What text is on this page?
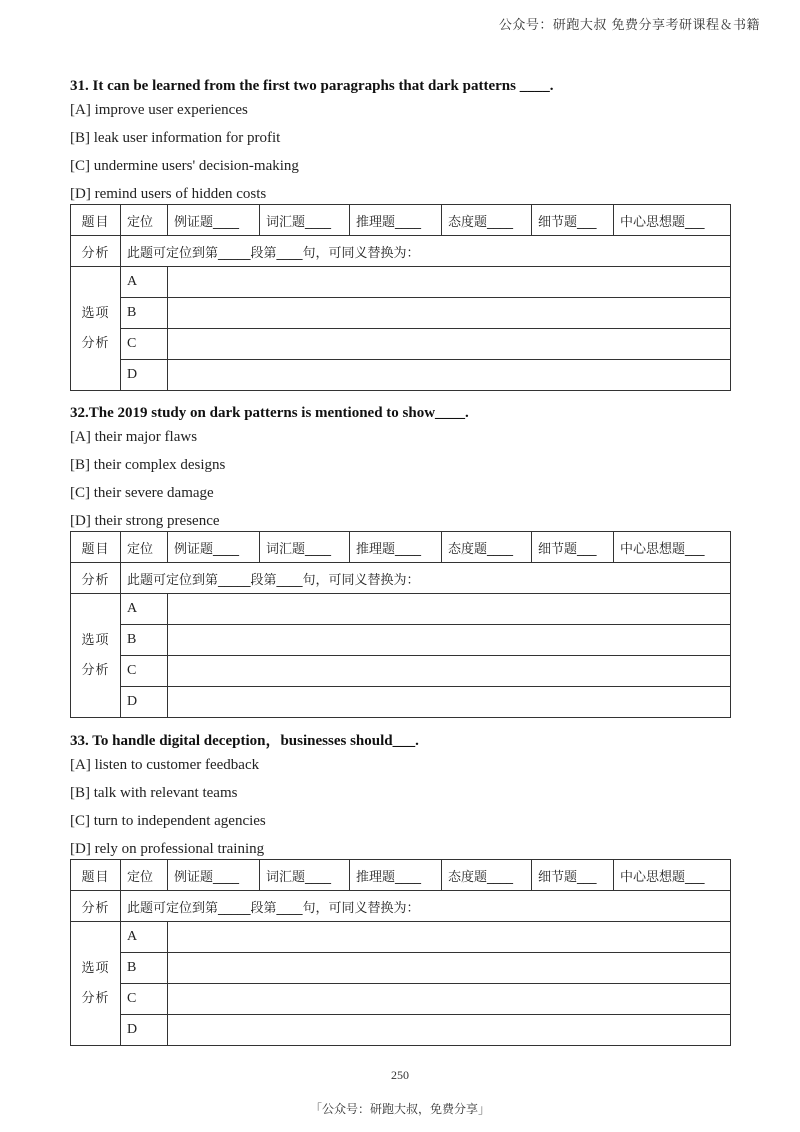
公众号：研跑大叔 免费分享考研课程＆书籍
31. It can be learned from the first two paragraphs that dark patterns ____.
[A] improve user experiences
[B] leak user information for profit
[C] undermine users' decision-making
[D] remind users of hidden costs
题目	定位	例证题____	词汇题____	推理题____	态度题____	细节题___	中心思想题___
分析	此题可定位到第_____段第____句，可同义替换为：						

选项
分析	A						
	B						
	C						
	D						
32.The 2019 study on dark patterns is mentioned to show____.
[A] their major flaws
[B] their complex designs
[C] their severe damage
[D] their strong presence
题目	定位	例证题____	词汇题____	推理题____	态度题____	细节题___	中心思想题___
分析	此题可定位到第_____段第____句，可同义替换为：						

选项
分析	A						
	B						
	C						
	D						
33. To handle digital deception，businesses should___.
[A] listen to customer feedback
[B] talk with relevant teams
[C] turn to independent agencies
[D] rely on professional training
题目	定位	例证题____	词汇题____	推理题____	态度题____	细节题___	中心思想题___
分析	此题可定位到第_____段第____句，可同义替换为：						

选项
分析	A						
	B						
	C						
	D						
250
「公众号：研跑大叔，免费分享」
